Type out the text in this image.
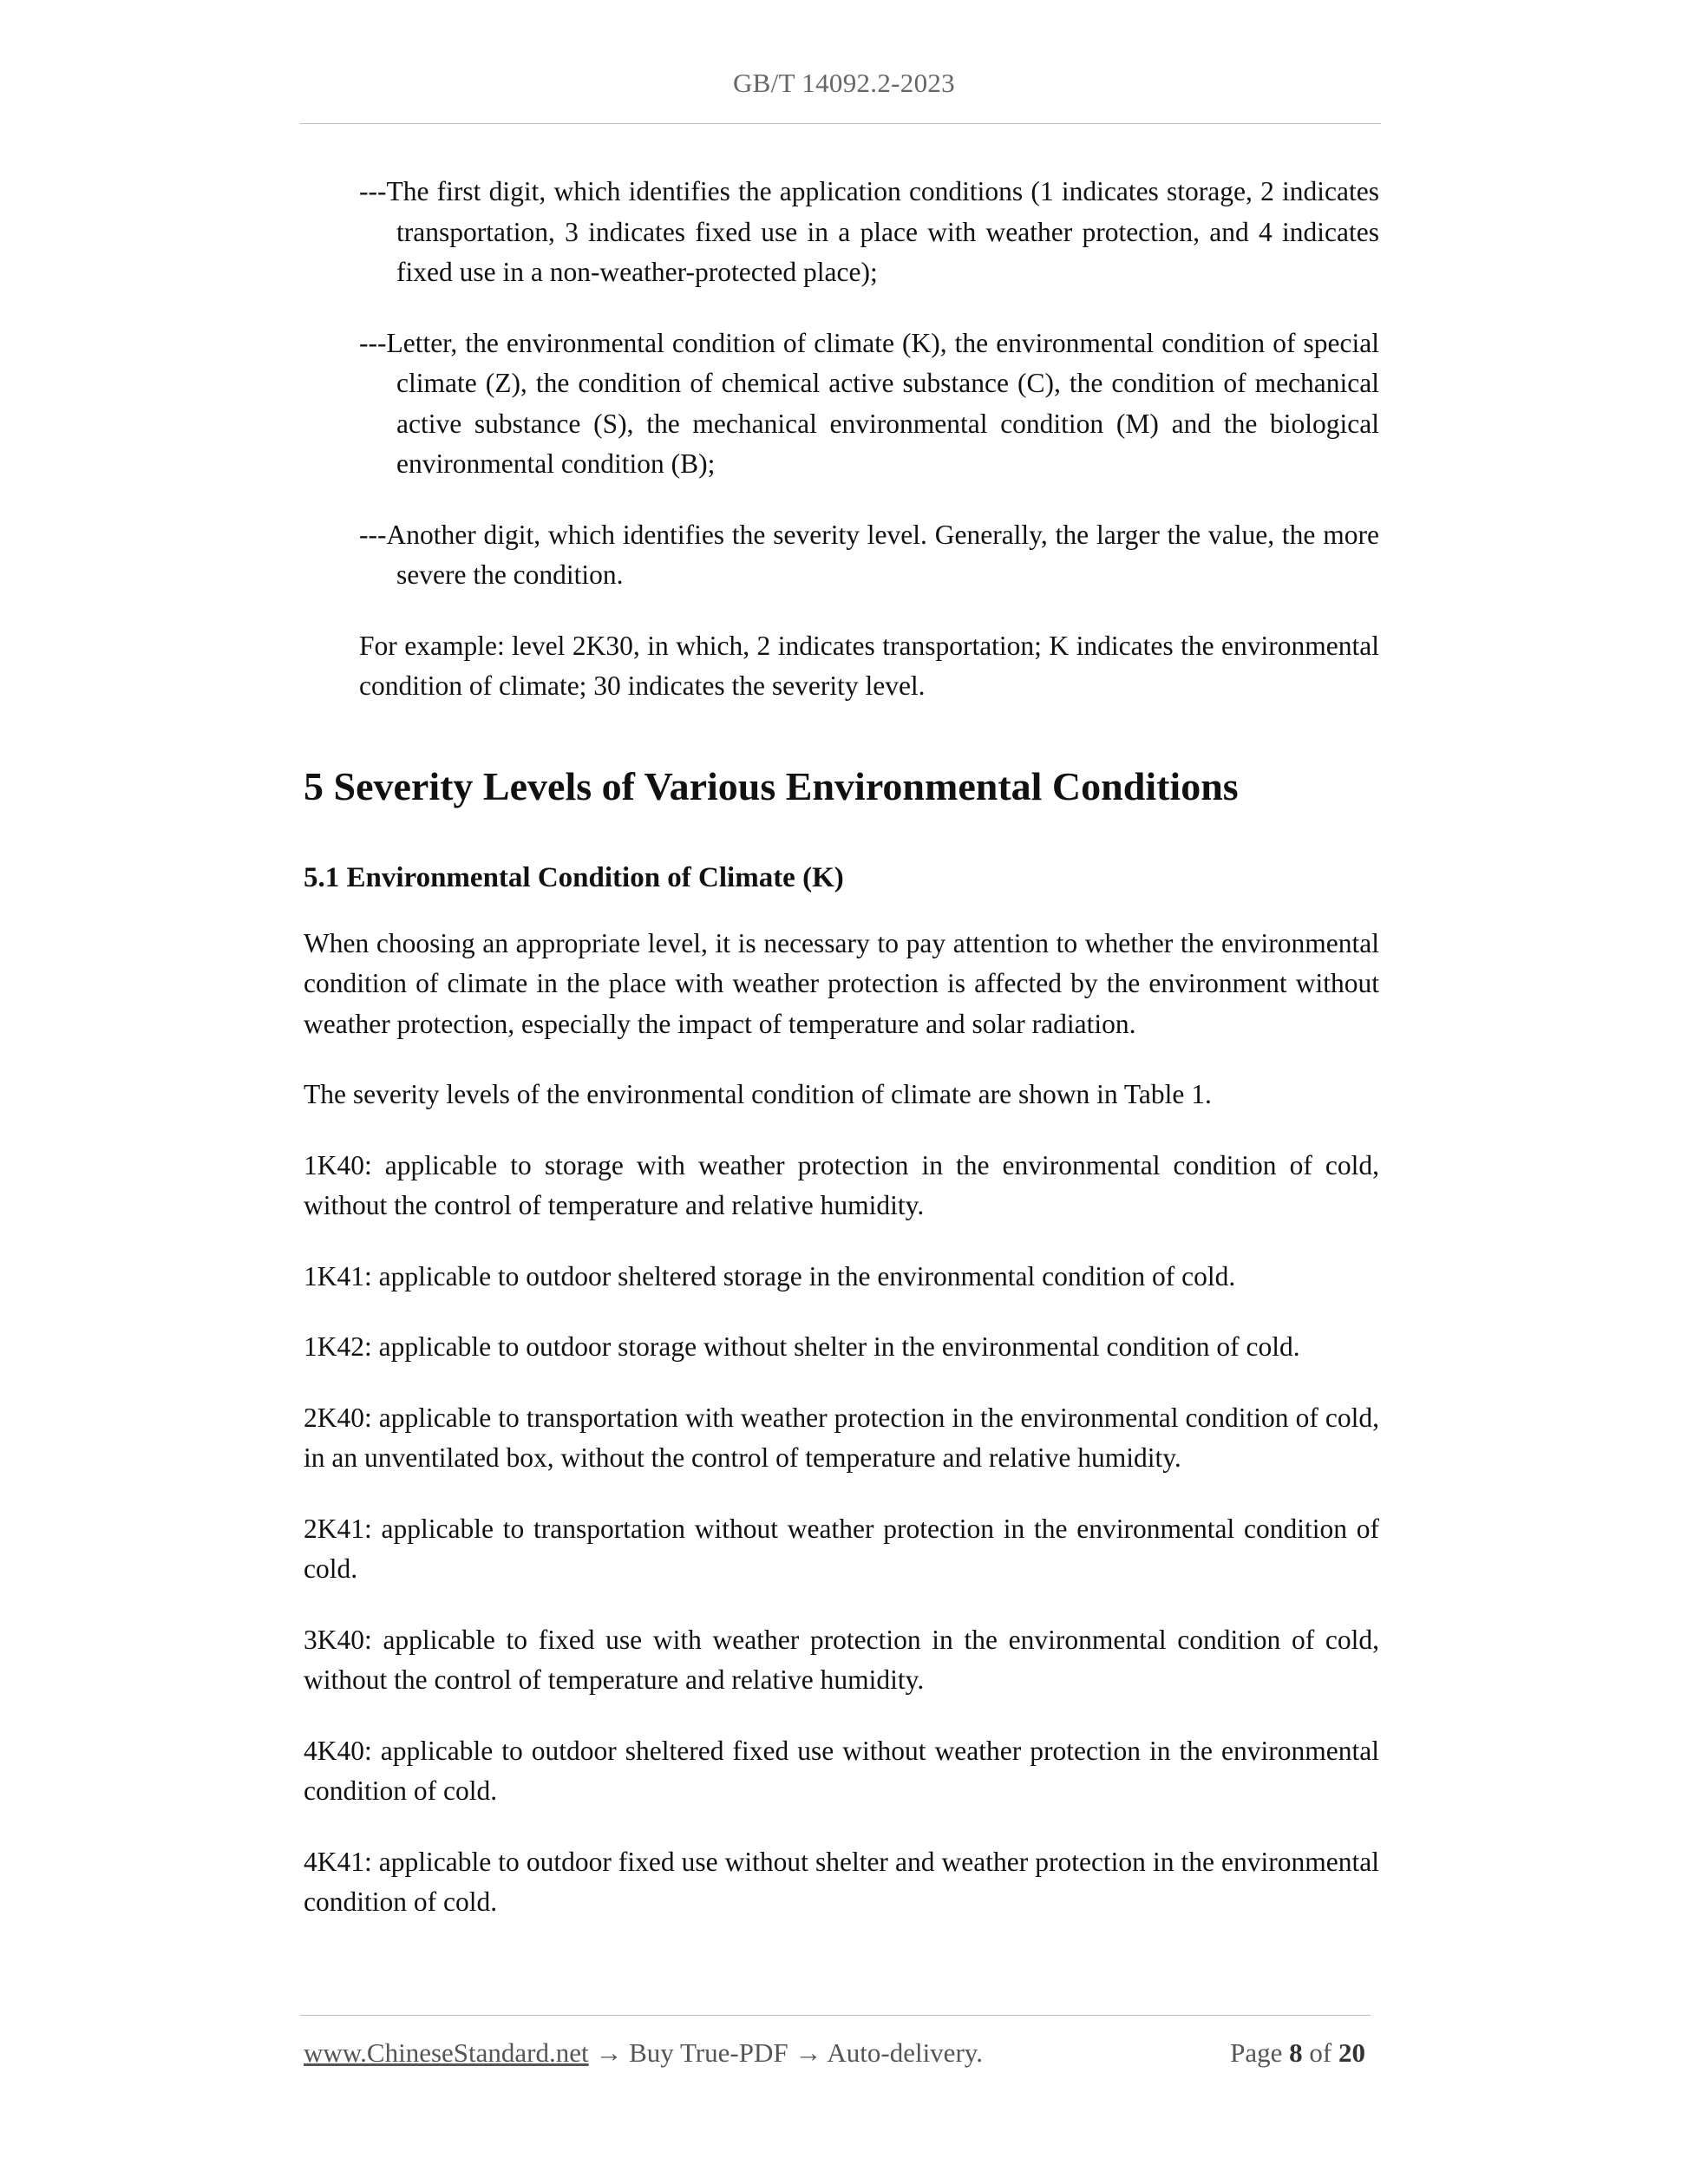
GB/T 14092.2-2023

---The first digit, which identifies the application conditions (1 indicates storage, 2 indicates transportation, 3 indicates fixed use in a place with weather protection, and 4 indicates fixed use in a non-weather-protected place);

---Letter, the environmental condition of climate (K), the environmental condition of special climate (Z), the condition of chemical active substance (C), the condition of mechanical active substance (S), the mechanical environmental condition (M) and the biological environmental condition (B);

---Another digit, which identifies the severity level. Generally, the larger the value, the more severe the condition.

For example: level 2K30, in which, 2 indicates transportation; K indicates the environmental condition of climate; 30 indicates the severity level.

5 Severity Levels of Various Environmental Conditions
5.1 Environmental Condition of Climate (K)

When choosing an appropriate level, it is necessary to pay attention to whether the environmental condition of climate in the place with weather protection is affected by the environment without weather protection, especially the impact of temperature and solar radiation.

The severity levels of the environmental condition of climate are shown in Table 1.

1K40: applicable to storage with weather protection in the environmental condition of cold, without the control of temperature and relative humidity.

1K41: applicable to outdoor sheltered storage in the environmental condition of cold.

1K42: applicable to outdoor storage without shelter in the environmental condition of cold.

2K40: applicable to transportation with weather protection in the environmental condition of cold, in an unventilated box, without the control of temperature and relative humidity.

2K41: applicable to transportation without weather protection in the environmental condition of cold.

3K40: applicable to fixed use with weather protection in the environmental condition of cold, without the control of temperature and relative humidity.

4K40: applicable to outdoor sheltered fixed use without weather protection in the environmental condition of cold.

4K41: applicable to outdoor fixed use without shelter and weather protection in the environmental condition of cold.

www.ChineseStandard.net → Buy True-PDF → Auto-delivery.	Page 8 of 20
